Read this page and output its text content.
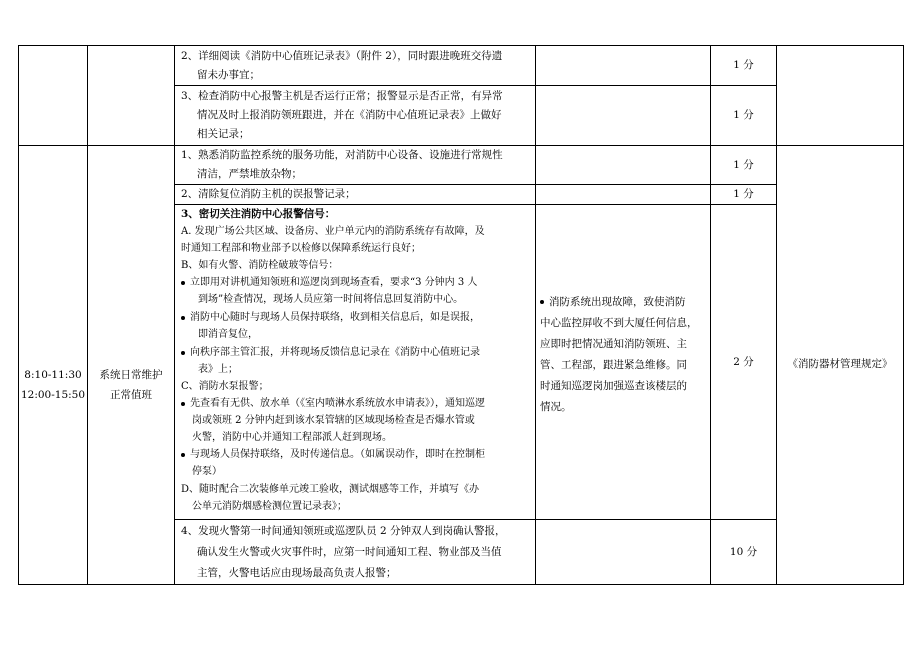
2、详细阅读《消防中心值班记录表》（附件 2），同时跟进晚班交待遗
留未办事宜；
1 分
3、检查消防中心报警主机是否运行正常；报警显示是否正常，有异常
情况及时上报消防领班跟进，并在《消防中心值班记录表》上做好
相关记录；
1 分
8:10-11:30
12:00-15:50
系统日常维护
正常值班
1、熟悉消防监控系统的服务功能，对消防中心设备、设施进行常规性
清洁，严禁堆放杂物；
1 分
2、清除复位消防主机的误报警记录；	1 分
3、密切关注消防中心报警信号：
A. 发现广场公共区域、设备房、业户单元内的消防系统存有故障，及
时通知工程部和物业部予以检修以保障系统运行良好；
B、如有火警、消防栓破玻等信号：
立即用对讲机通知领班和巡逻岗到现场查看，要求“3 分钟内 3 人
到场”检查情况，现场人员应第一时间将信息回复消防中心。
消防中心随时与现场人员保持联络，收到相关信息后，如是误报，
即消音复位，
向秩序部主管汇报，并将现场反馈信息记录在《消防中心值班记录
表》上；
C、消防水泵报警；
先查看有无供、放水单（《室内喷淋水系统放水申请表》），通知巡逻
岗或领班 2 分钟内赶到该水泵管辖的区域现场检查是否爆水管或
火警，消防中心并通知工程部派人赶到现场。
与现场人员保持联络，及时传递信息。（如属误动作，即时在控制柜
停泵）
D、随时配合二次装修单元竣工验收，测试烟感等工作，并填写《办
公单元消防烟感检测位置记录表》；
消防系统出现故障，致使消防
中心监控屏收不到大厦任何信息，
应即时把情况通知消防领班、主
管、工程部，跟进紧急维修。同
时通知巡逻岗加强巡查该楼层的
情况。
2 分
4、发现火警第一时间通知领班或巡逻队员 2 分钟双人到岗确认警报，
确认发生火警或火灾事件时，应第一时间通知工程、物业部及当值
主管，火警电话应由现场最高负责人报警；
10 分
《消防器材管理规定》
